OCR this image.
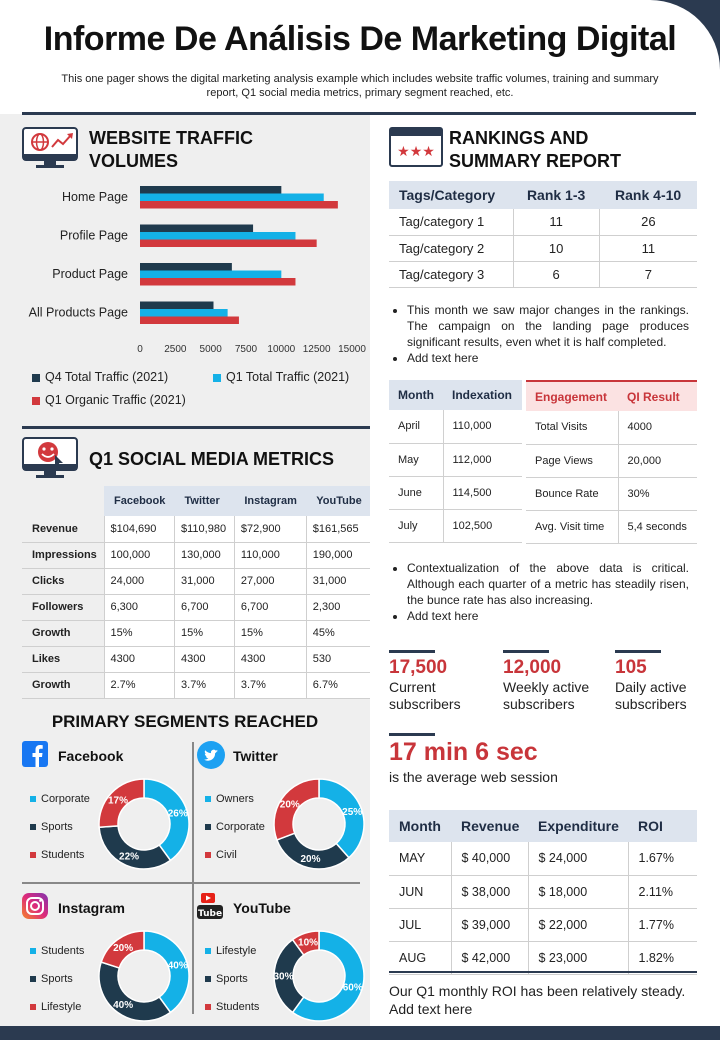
Informe De Análisis De Marketing Digital
This one pager shows the digital marketing analysis example which includes website traffic volumes, training and summary report, Q1 social media metrics, primary segment reached, etc.
WEBSITE TRAFFIC
VOLUMES
Home Page
Profile Page
Product Page
All Products Page
0 2500 5000 7500 10000 12500 15000
Q4 Total Traffic (2021)	Q1 Total Traffic (2021)
Q1 Organic Traffic (2021)
Q1 SOCIAL MEDIA METRICS
	Facebook	Twitter	Instagram	YouTube
Revenue	$104,690	$110,980	$72,900	$161,565
Impressions	100,000	130,000	110,000	190,000
Clicks	24,000	31,000	27,000	31,000
Followers	6,300	6,700	6,700	2,300
Growth	15%	15%	15%	45%
Likes	4300	4300	4300	530
Growth	2.7%	3.7%	3.7%	6.7%
PRIMARY SEGMENTS REACHED
Facebook
Corporate
Sports
Students
26%
22%
17%
Twitter
Owners
Corporate
Civil
25%
20%
20%
Instagram
Students
Sports
Lifestyle
40%
40%
20%
Tube YouTube
Lifestyle
Sports
Students
60%
30%
10%
★★★
RANKINGS AND
SUMMARY REPORT
Tags/Category	Rank 1-3	Rank 4-10
Tag/category 1	11	26
Tag/category 2	10	11
Tag/category 3	6	7
• This month we saw major changes in the rankings. The campaign on the landing page produces significant results, even whet it is half completed.
• Add text here
Month	Indexation
April	110,000
May	112,000
June	114,500
July	102,500
Engagement	QI Result
Total Visits	4000
Page Views	20,000
Bounce Rate	30%
Avg. Visit time	5,4 seconds
• Contextualization of the above data is critical. Although each quarter of a metric has steadily risen, the bunce rate has also increasing.
• Add text here
17,500
Current
subscribers
12,000
Weekly active
subscribers
105
Daily active
subscribers
17 min 6 sec
is the average web session
Month	Revenue	Expenditure	ROI
MAY	$ 40,000	$ 24,000	1.67%
JUN	$ 38,000	$ 18,000	2.11%
JUL	$ 39,000	$ 22,000	1.77%
AUG	$ 42,000	$ 23,000	1.82%
Our Q1 monthly ROI has been relatively steady. Add text here
